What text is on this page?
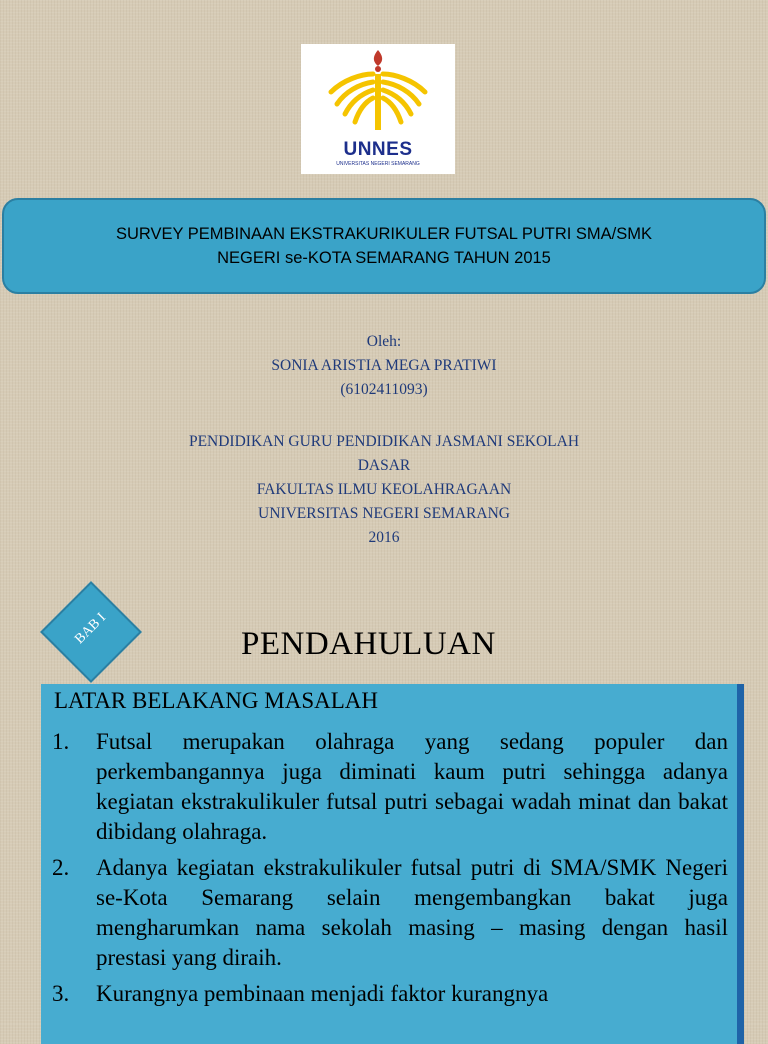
UNNES
UNIVERSITAS NEGERI SEMARANG
SURVEY PEMBINAAN EKSTRAKURIKULER FUTSAL PUTRI SMA/SMK
NEGERI se-KOTA SEMARANG TAHUN 2015
Oleh:
SONIA ARISTIA MEGA PRATIWI
(6102411093)
PENDIDIKAN GURU PENDIDIKAN JASMANI SEKOLAH
DASAR
FAKULTAS ILMU KEOLAHRAGAAN
UNIVERSITAS NEGERI SEMARANG
2016
BAB I	PENDAHULUAN
LATAR BELAKANG MASALAH
1. Futsal merupakan olahraga yang sedang populer dan perkembangannya juga diminati kaum putri sehingga adanya kegiatan ekstrakulikuler futsal putri sebagai wadah minat dan bakat dibidang olahraga.
2. Adanya kegiatan ekstrakulikuler futsal putri di SMA/SMK Negeri se-Kota Semarang selain mengembangkan bakat juga mengharumkan nama sekolah masing – masing dengan hasil prestasi yang diraih.
3. Kurangnya pembinaan menjadi faktor kurangnya
